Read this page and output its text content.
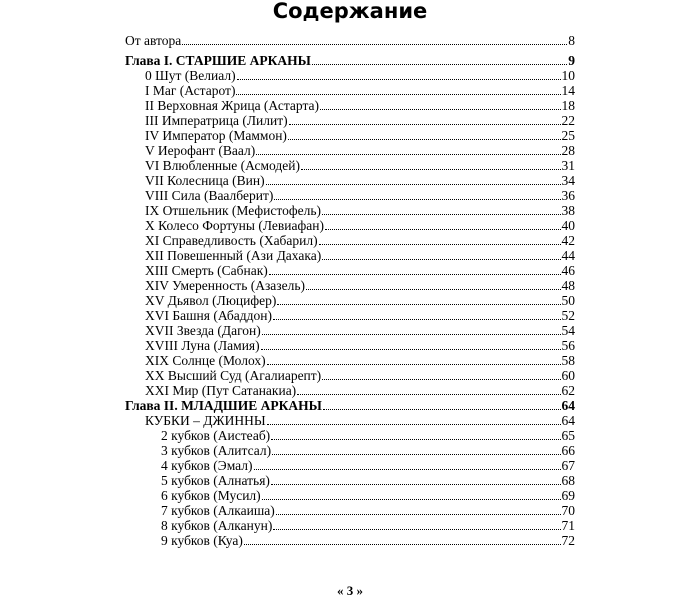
Содержание
От автора	8
Глава I. СТАРШИЕ АРКАНЫ	9
0 Шут (Велиал)	10
I Маг (Астарот)	14
II Верховная Жрица (Астарта)	18
III Императрица (Лилит)	22
IV Император (Маммон)	25
V Иерофант (Ваал)	28
VI Влюбленные (Асмодей)	31
VII Колесница (Вин)	34
VIII Сила (Ваалберит)	36
IX Отшельник (Мефистофель)	38
X Колесо Фортуны (Левиафан)	40
XI Справедливость (Хабарил)	42
XII Повешенный (Ази Дахака)	44
XIII Смерть (Сабнак)	46
XIV Умеренность (Азазель)	48
XV Дьявол (Люцифер)	50
XVI Башня (Абаддон)	52
XVII Звезда (Дагон)	54
XVIII Луна (Ламия)	56
XIX Солнце (Молох)	58
XX Высший Суд (Агалиарепт)	60
XXI Мир (Пут Сатанакиа)	62
Глава II. МЛАДШИЕ АРКАНЫ	64
КУБКИ – ДЖИННЫ	64
2 кубков (Аистеаб)	65
3 кубков (Алитсал)	66
4 кубков (Эмал)	67
5 кубков (Алнатья)	68
6 кубков (Мусил)	69
7 кубков (Алкаиша)	70
8 кубков (Алканун)	71
9 кубков (Куа)	72
« 3 »
